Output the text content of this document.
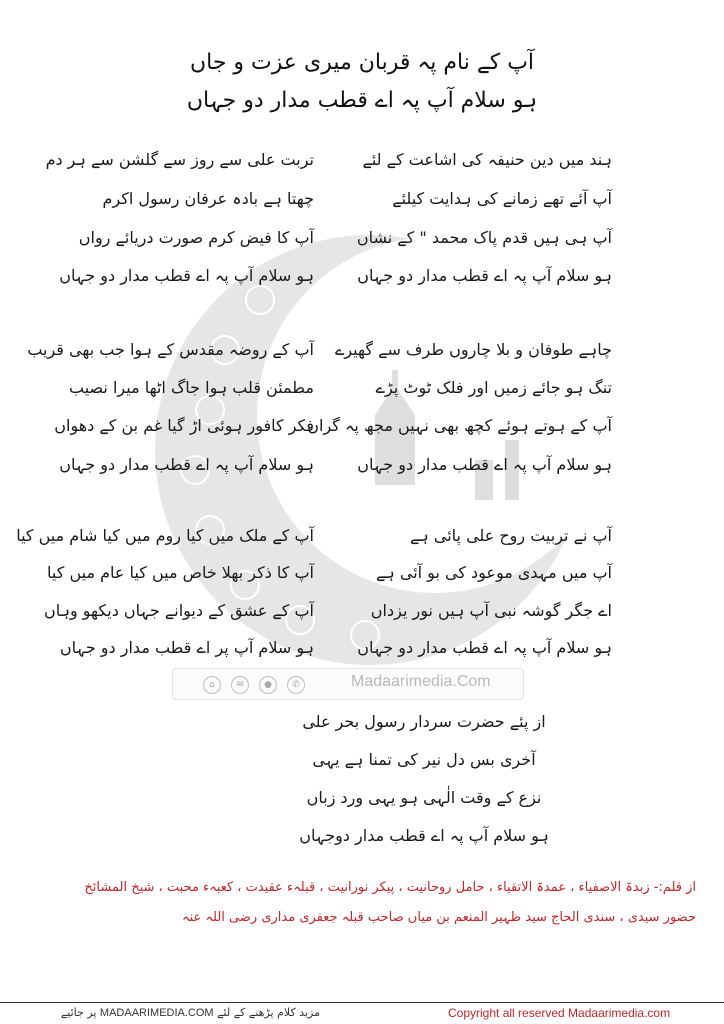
آپ کے نام پہ قربان میری عزت و جاں
ہو سلام آپ پہ اے قطب مدار دو جہاں
ہند میں دین حنیفہ کی اشاعت کے لئے
تربت علی سے روز سے گلشن سے ہر دم
آپ آئے تھے زمانے کی ہدایت کیلئے
چھتا ہے بادہ عرفان رسول اکرم
آپ ہی ہیں قدم پاک محمد " کے نشاں
آپ کا فیض کرم صورت دریائے رواں
ہو سلام آپ پہ اے قطب مدار دو جہاں
ہو سلام آپ پہ اے قطب مدار دو جہاں
چاہے طوفان و بلا چاروں طرف سے گھیرے
آپ کے روضہ مقدس کے ہوا جب بھی قریب
تنگ ہو جائے زمیں اور فلک ٹوٹ پڑے
مطمئن قلب ہوا جاگ اٹھا میرا نصیب
آپ کے ہوتے ہوئے کچھ بھی نہیں مجھ پہ گراں
فکر کافور ہوئی اڑ گیا غم بن کے دھواں
ہو سلام آپ پہ اے قطب مدار دو جہاں
ہو سلام آپ پہ اے قطب مدار دو جہاں
آپ نے تربیت روح علی پائی ہے
آپ کے ملک میں کیا روم میں کیا شام میں کیا
آپ میں مہدی موعود کی بو آئی ہے
آپ کا ذکر بھلا خاص میں کیا عام میں کیا
اے جگر گوشہ نبی آپ ہیں نور یزداں
آپ کے عشق کے دیوانے جہاں دیکھو وہاں
ہو سلام آپ پہ اے قطب مدار دو جہاں
ہو سلام آپ پر اے قطب مدار دو جہاں
⌂	✉	●	✆	Madaarimedia.Com
از پئے حضرت سردار رسول بحر علی
آخری بس دل نیر کی تمنا ہے یہی
نزع کے وقت الٰہی ہو یہی ورد زباں
ہو سلام آپ پہ اے قطب مدار دوجہاں
از قلم:- زبدۃ الاصفیاء ، عمدۃ الاتقیاء ، حامل روحانیت ، پیکر نورانیت ، قبلہء عقیدت ، کعبہء محبت ، شیخ المشائخ
حضور سیدی ، سندی الحاج سید ظہیر المنعم بن میاں صاحب قبلہ جعفری مداری رضی اللہ عنہ
Copyright all reserved Madaarimedia.com
مزید کلام پڑھنے کے لئے MADAARIMEDIA.COM پر جائیے
